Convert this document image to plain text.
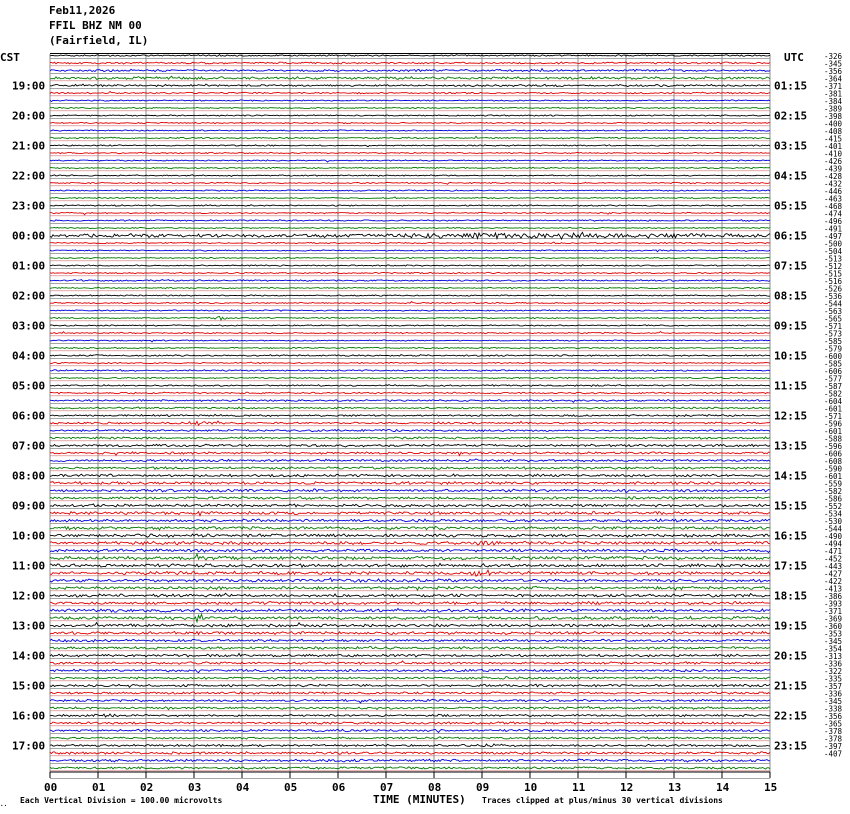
Feb11,2026
FFIL BHZ NM 00
(Fairfield, IL)
CST	UTC
19:00
20:00
21:00
22:00
23:00
00:00
01:00
02:00
03:00
04:00
05:00
06:00
07:00
08:00
09:00
10:00
11:00
12:00
13:00
14:00
15:00
16:00
17:00
01:15
02:15
03:15
04:15
05:15
06:15
07:15
08:15
09:15
10:15
11:15
12:15
13:15
14:15
15:15
16:15
17:15
18:15
19:15
20:15
21:15
22:15
23:15
-326
-345
-356
-364
-371
-381
-384
-389
-398
-400
-408
-415
-401
-410
-426
-439
-428
-432
-446
-463
-468
-474
-496
-491
-497
-500
-504
-513
-512
-515
-516
-526
-536
-544
-563
-565
-571
-573
-585
-579
-600
-585
-606
-577
-587
-582
-604
-601
-571
-596
-601
-588
-596
-606
-608
-590
-601
-559
-582
-586
-552
-534
-530
-544
-490
-494
-471
-452
-443
-427
-422
-413
-386
-393
-371
-369
-360
-353
-345
-354
-313
-336
-322
-335
-357
-336
-345
-338
-356
-365
-378
-378
-397
-407
00	01	02	03	04	05	06	07	08	09	10	11	12	13	14	15
TIME (MINUTES)
.. Each Vertical Division = 100.00 microvolts	Traces clipped at plus/minus 30 vertical divisions
